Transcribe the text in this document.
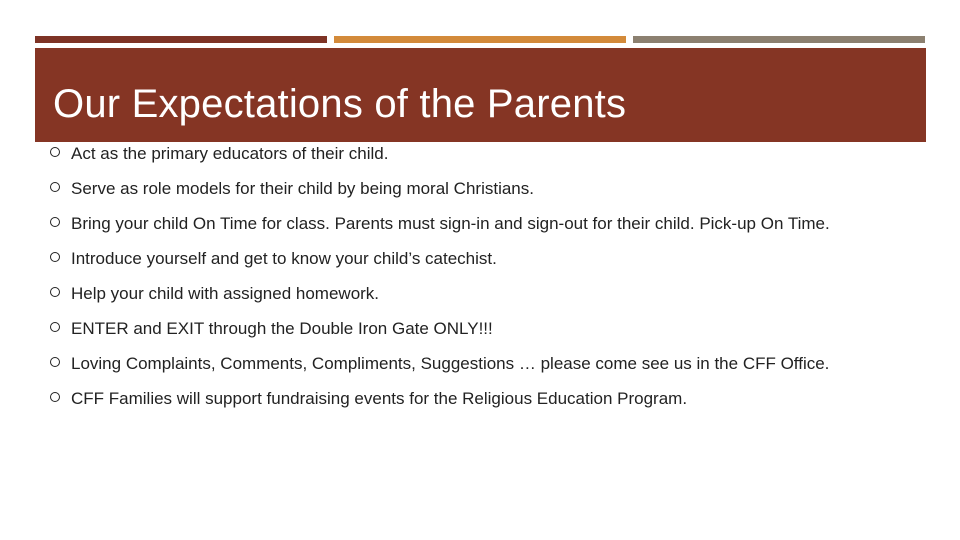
Our Expectations of the Parents
Act as the primary educators of their child.
Serve as role models for their child by being moral Christians.
Bring your child On Time for class. Parents must sign-in and sign-out for their child. Pick-up On Time.
Introduce yourself and get to know your child’s catechist.
Help your child with assigned homework.
ENTER and EXIT through the Double Iron Gate ONLY!!!
Loving Complaints, Comments, Compliments, Suggestions … please come see us in the CFF Office.
CFF Families will support fundraising events for the Religious Education Program.
